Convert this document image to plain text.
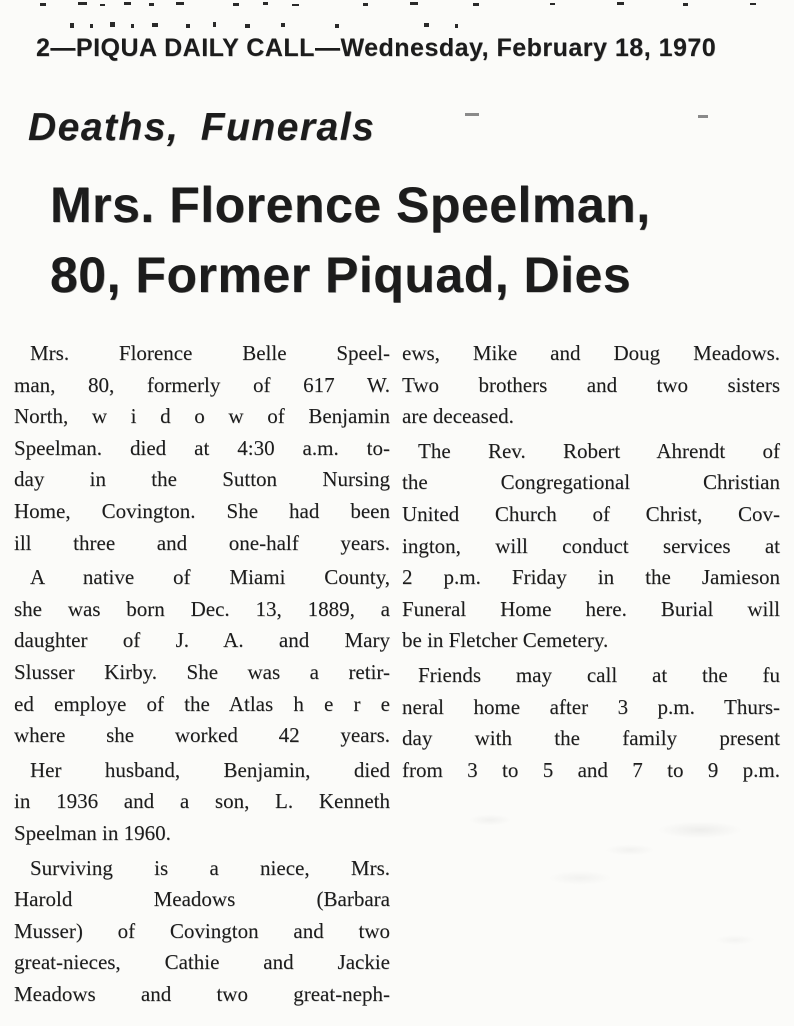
2—PIQUA DAILY CALL—Wednesday, February 18, 1970
Deaths, Funerals
Mrs. Florence Speelman,
80, Former Piquad, Dies
Mrs. Florence Belle Speel-
man, 80, formerly of 617 W.
North, w i d o w of Benjamin
Speelman. died at 4:30 a.m. to-
day in the Sutton Nursing
Home, Covington. She had been
ill three and one-half years.
A native of Miami County,
she was born Dec. 13, 1889, a
daughter of J. A. and Mary
Slusser Kirby. She was a retir-
ed employe of the Atlas h e r e
where she worked 42 years.
Her husband, Benjamin, died
in 1936 and a son, L. Kenneth
Speelman in 1960.
Surviving is a niece, Mrs.
Harold Meadows (Barbara
Musser) of Covington and two
great-nieces, Cathie and Jackie
Meadows and two great-neph-
ews, Mike and Doug Meadows.
Two brothers and two sisters
are deceased.
The Rev. Robert Ahrendt of
the Congregational Christian
United Church of Christ, Cov-
ington, will conduct services at
2 p.m. Friday in the Jamieson
Funeral Home here. Burial will
be in Fletcher Cemetery.
Friends may call at the fu
neral home after 3 p.m. Thurs-
day with the family present
from 3 to 5 and 7 to 9 p.m.
